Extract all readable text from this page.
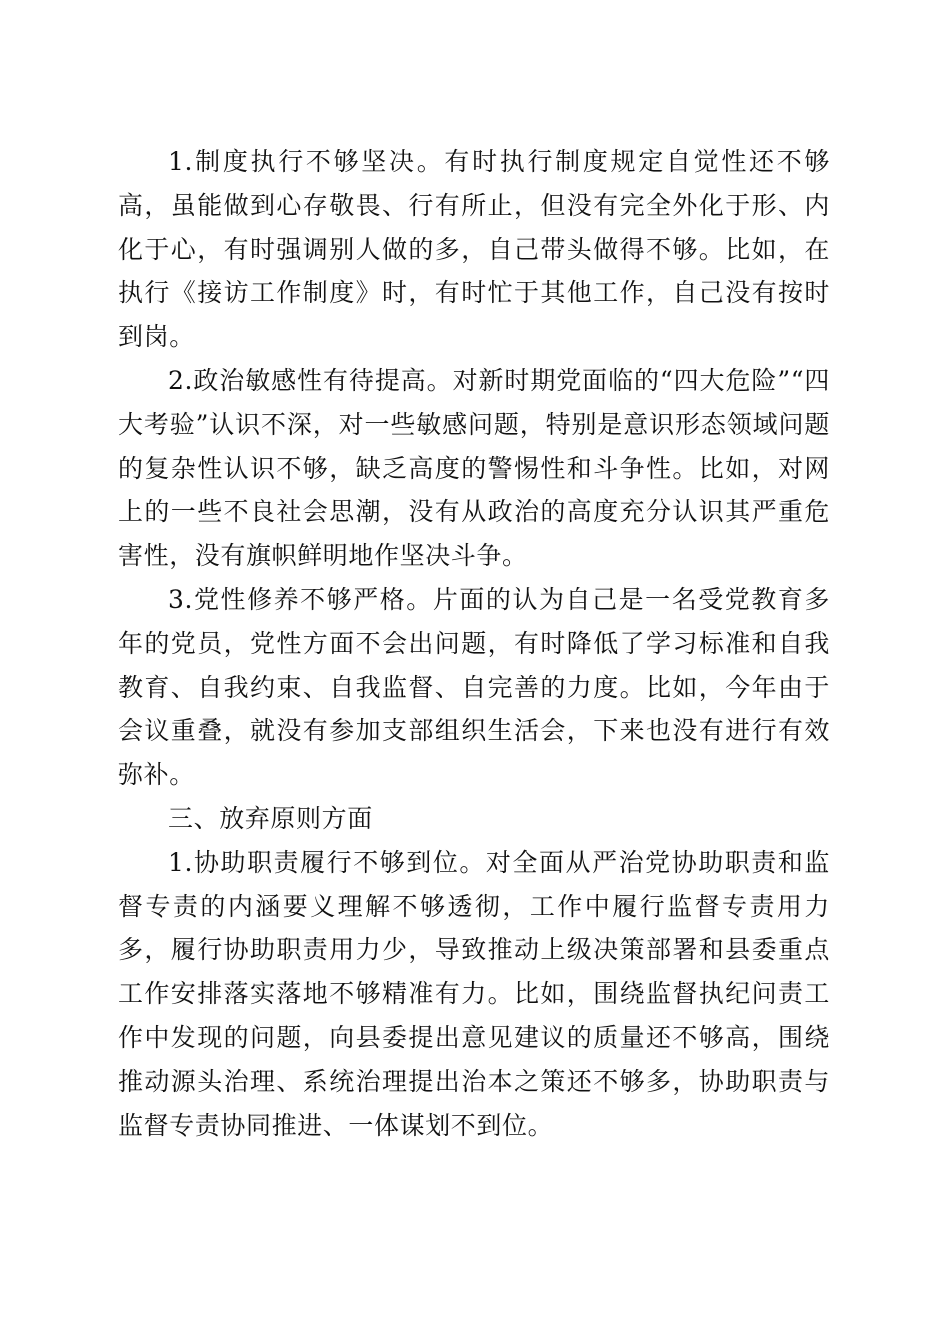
1.制度执行不够坚决。有时执行制度规定自觉性还不够高，虽能做到心存敬畏、行有所止，但没有完全外化于形、内化于心，有时强调别人做的多，自己带头做得不够。比如，在执行《接访工作制度》时，有时忙于其他工作，自己没有按时到岗。

2.政治敏感性有待提高。对新时期党面临的“四大危险”“四大考验”认识不深，对一些敏感问题，特别是意识形态领域问题的复杂性认识不够，缺乏高度的警惕性和斗争性。比如，对网上的一些不良社会思潮，没有从政治的高度充分认识其严重危害性，没有旗帜鲜明地作坚决斗争。

3.党性修养不够严格。片面的认为自己是一名受党教育多年的党员，党性方面不会出问题，有时降低了学习标准和自我教育、自我约束、自我监督、自完善的力度。比如，今年由于会议重叠，就没有参加支部组织生活会，下来也没有进行有效弥补。

三、放弃原则方面

1.协助职责履行不够到位。对全面从严治党协助职责和监督专责的内涵要义理解不够透彻，工作中履行监督专责用力多，履行协助职责用力少，导致推动上级决策部署和县委重点工作安排落实落地不够精准有力。比如，围绕监督执纪问责工作中发现的问题，向县委提出意见建议的质量还不够高，围绕推动源头治理、系统治理提出治本之策还不够多，协助职责与监督专责协同推进、一体谋划不到位。
